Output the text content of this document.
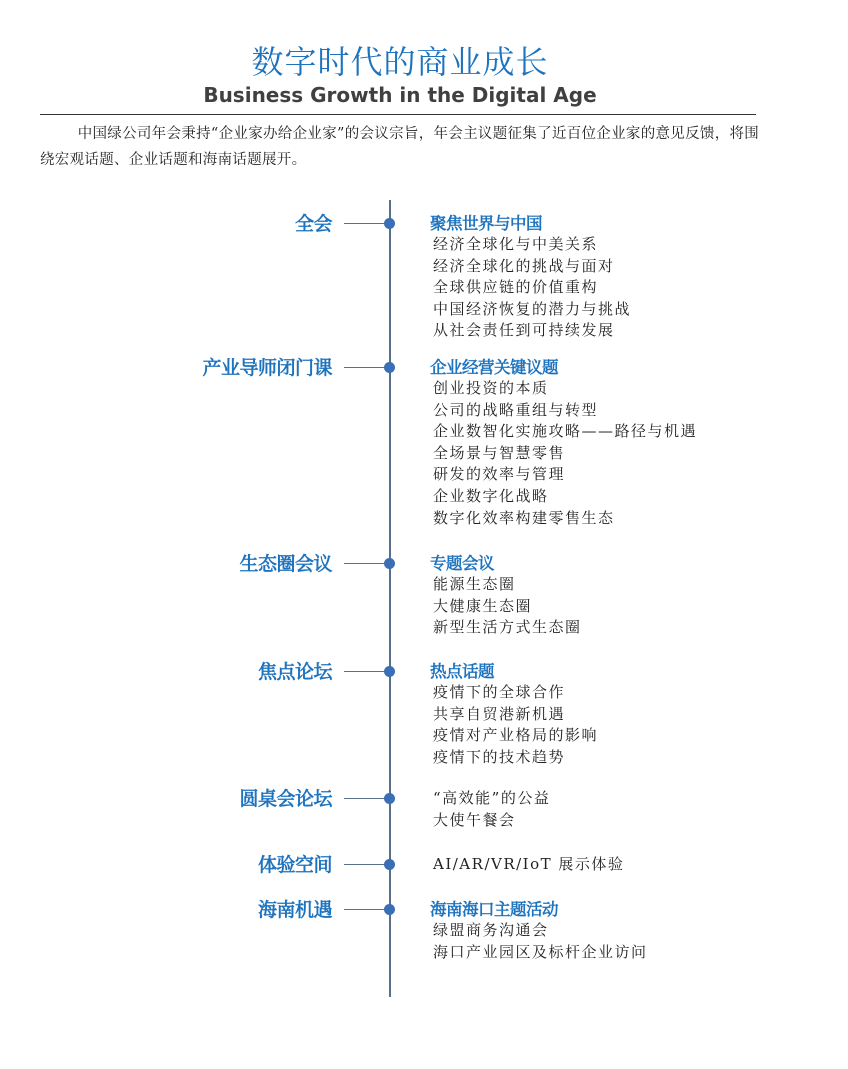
数字时代的商业成长
Business Growth in the Digital Age
中国绿公司年会秉持“企业家办给企业家”的会议宗旨，年会主议题征集了近百位企业家的意见反馈，将围绕宏观话题、企业话题和海南话题展开。
全会	聚焦世界与中国
经济全球化与中美关系
经济全球化的挑战与面对
全球供应链的价值重构
中国经济恢复的潜力与挑战
从社会责任到可持续发展
产业导师闭门课	企业经营关键议题
创业投资的本质
公司的战略重组与转型
企业数智化实施攻略——路径与机遇
全场景与智慧零售
研发的效率与管理
企业数字化战略
数字化效率构建零售生态
生态圈会议	专题会议
能源生态圈
大健康生态圈
新型生活方式生态圈
焦点论坛	热点话题
疫情下的全球合作
共享自贸港新机遇
疫情对产业格局的影响
疫情下的技术趋势
圆桌会论坛	“高效能”的公益
大使午餐会
体验空间	AI/AR/VR/IoT 展示体验
海南机遇	海南海口主题活动
绿盟商务沟通会
海口产业园区及标杆企业访问
